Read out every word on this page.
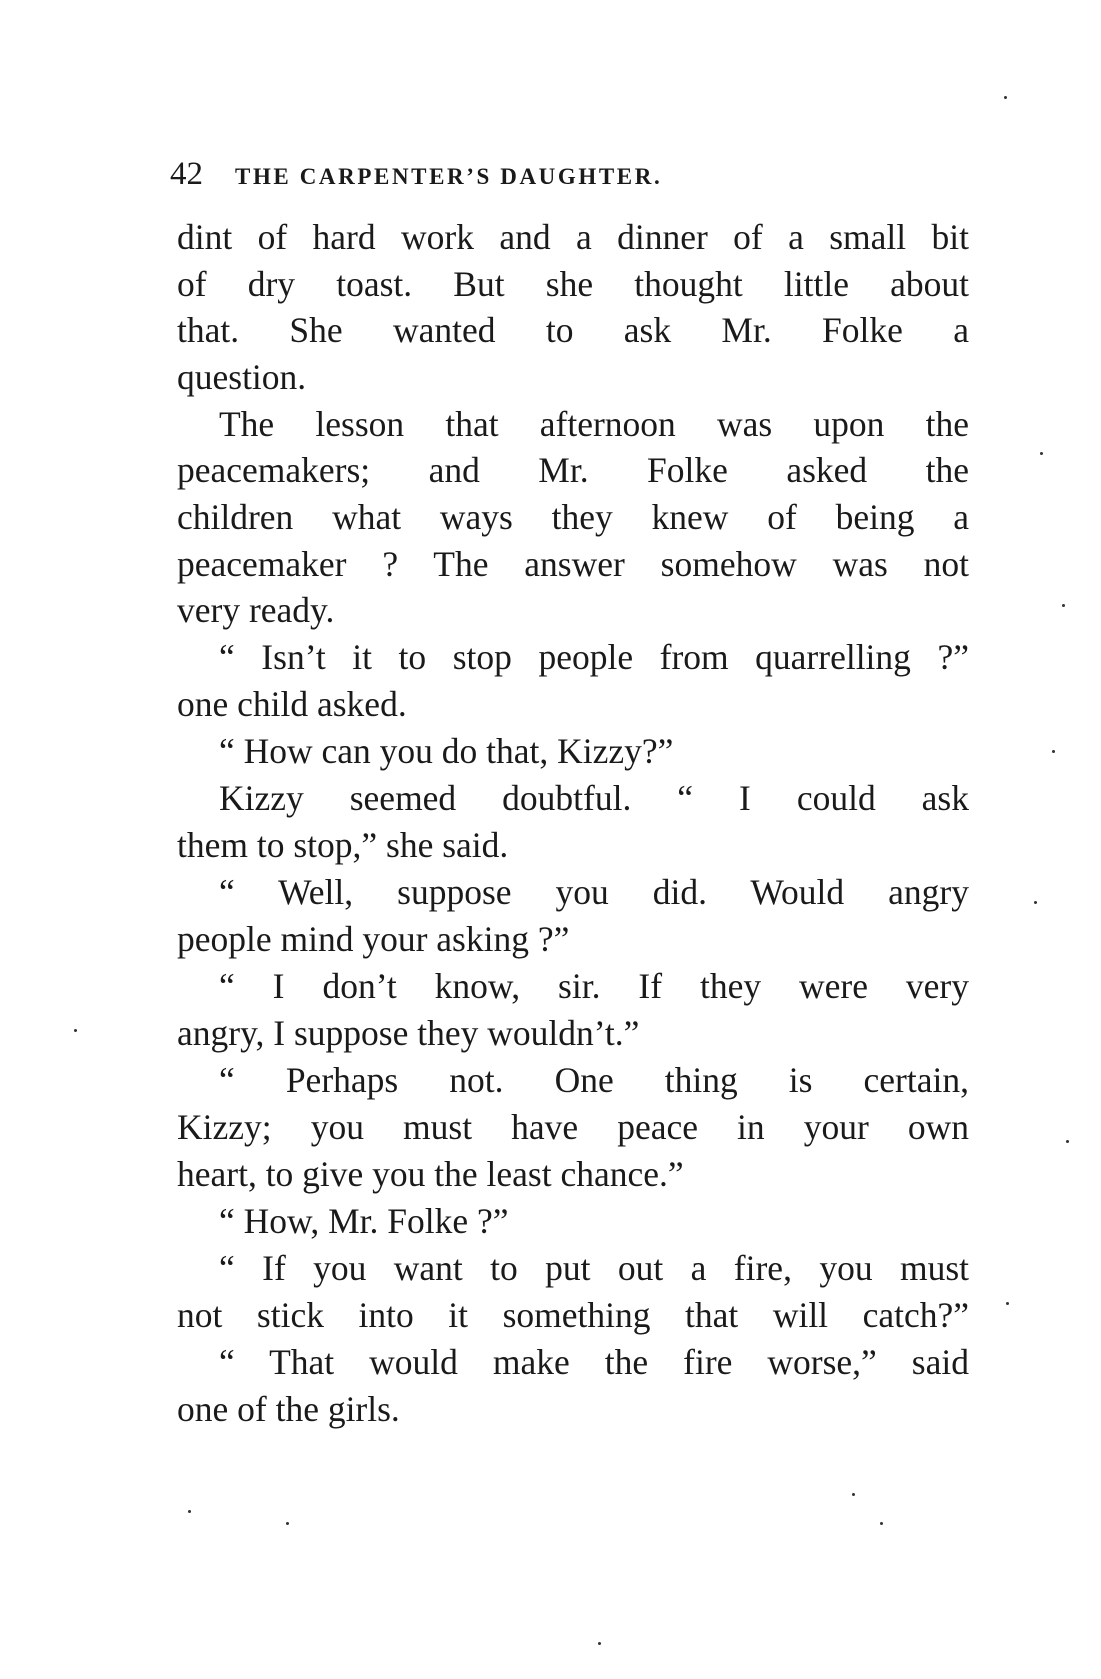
42 THE CARPENTER’S DAUGHTER.
dint of hard work and a dinner of a small bit
of dry toast. But she thought little about
that. She wanted to ask Mr. Folke a
question.
The lesson that afternoon was upon the
peacemakers; and Mr. Folke asked the
children what ways they knew of being a
peacemaker ? The answer somehow was not
very ready.
“ Isn’t it to stop people from quarrelling ?”
one child asked.
“ How can you do that, Kizzy?”
Kizzy seemed doubtful. “ I could ask
them to stop,” she said.
“ Well, suppose you did. Would angry
people mind your asking ?”
“ I don’t know, sir. If they were very
angry, I suppose they wouldn’t.”
“ Perhaps not. One thing is certain,
Kizzy; you must have peace in your own
heart, to give you the least chance.”
“ How, Mr. Folke ?”
“ If you want to put out a fire, you must
not stick into it something that will catch?”
“ That would make the fire worse,” said
one of the girls.
